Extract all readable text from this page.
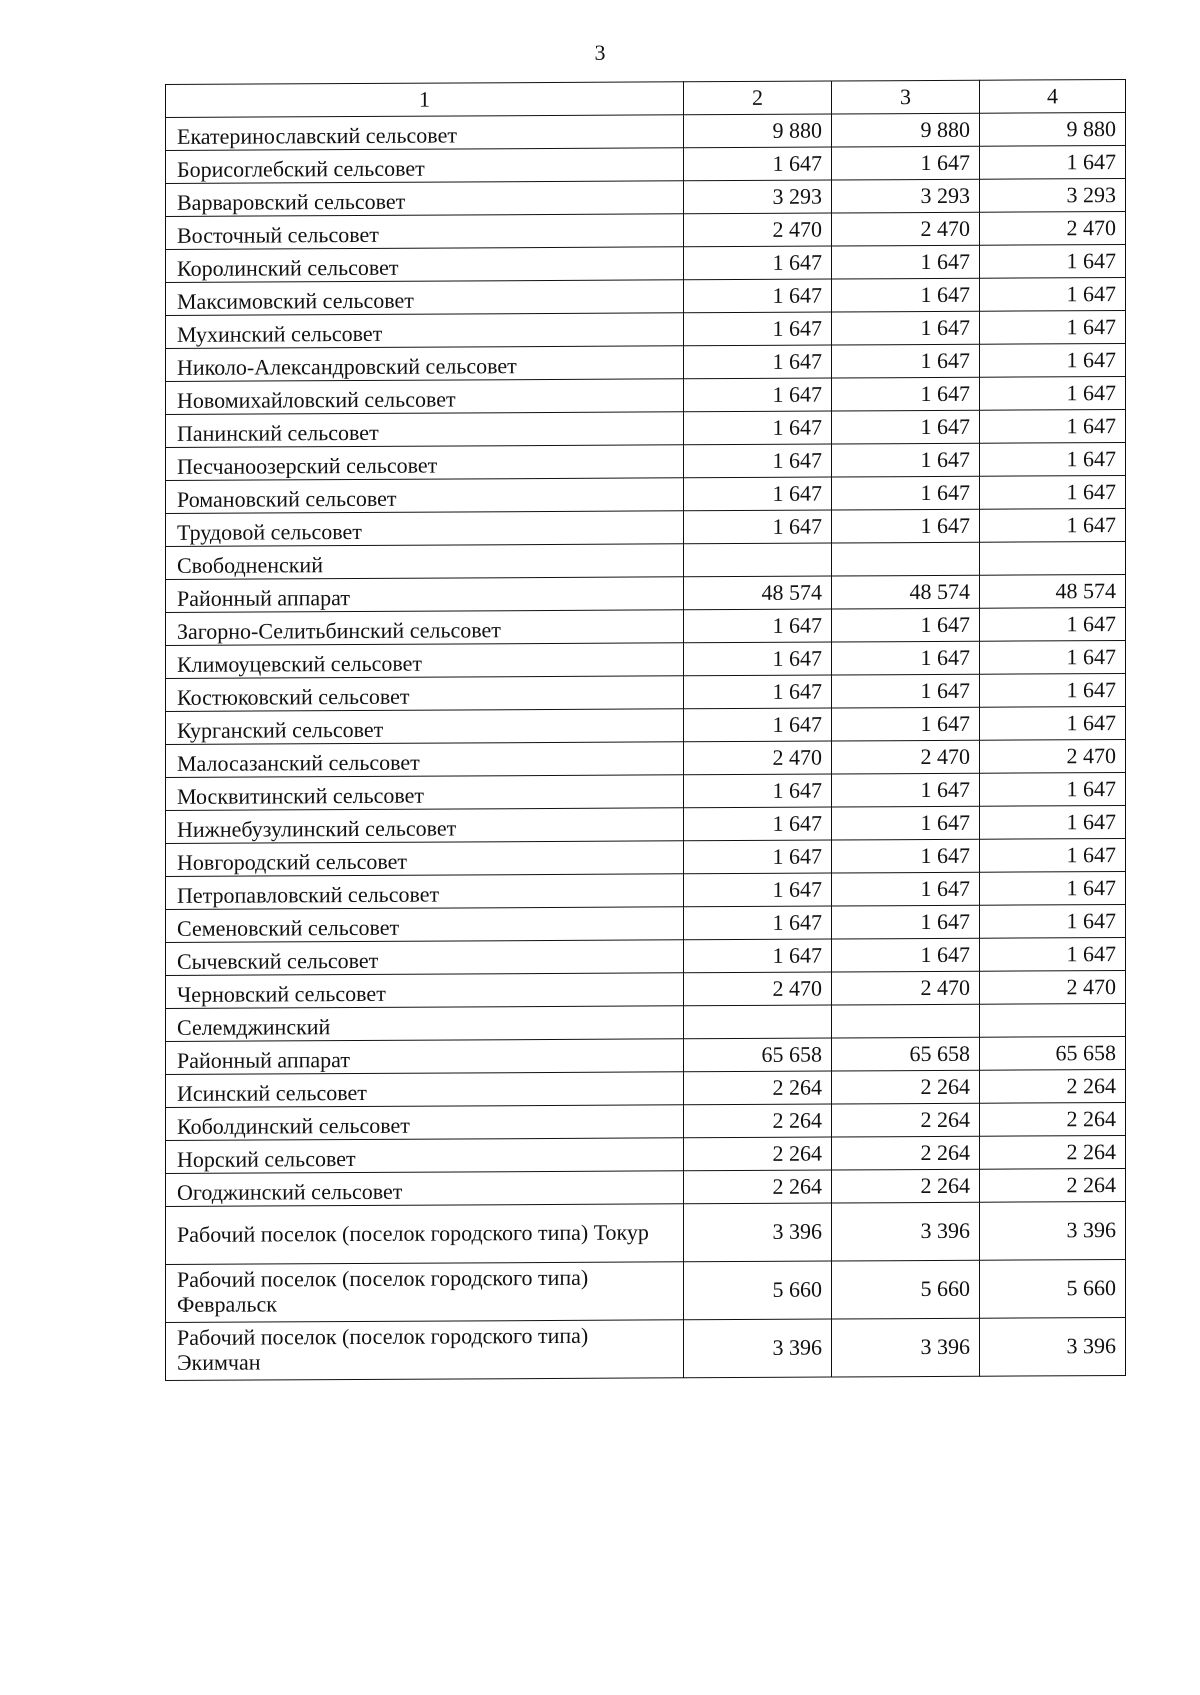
3
1	2	3	4
Екатеринославский сельсовет	9 880	9 880	9 880
Борисоглебский сельсовет	1 647	1 647	1 647
Варваровский сельсовет	3 293	3 293	3 293
Восточный сельсовет	2 470	2 470	2 470
Королинский сельсовет	1 647	1 647	1 647
Максимовский сельсовет	1 647	1 647	1 647
Мухинский сельсовет	1 647	1 647	1 647
Николо-Александровский сельсовет	1 647	1 647	1 647
Новомихайловский сельсовет	1 647	1 647	1 647
Панинский сельсовет	1 647	1 647	1 647
Песчаноозерский сельсовет	1 647	1 647	1 647
Романовский сельсовет	1 647	1 647	1 647
Трудовой сельсовет	1 647	1 647	1 647
Свободненский			
Районный аппарат	48 574	48 574	48 574
Загорно-Селитьбинский сельсовет	1 647	1 647	1 647
Климоуцевский сельсовет	1 647	1 647	1 647
Костюковский сельсовет	1 647	1 647	1 647
Курганский сельсовет	1 647	1 647	1 647
Малосазанский сельсовет	2 470	2 470	2 470
Москвитинский сельсовет	1 647	1 647	1 647
Нижнебузулинский сельсовет	1 647	1 647	1 647
Новгородский сельсовет	1 647	1 647	1 647
Петропавловский сельсовет	1 647	1 647	1 647
Семеновский сельсовет	1 647	1 647	1 647
Сычевский сельсовет	1 647	1 647	1 647
Черновский сельсовет	2 470	2 470	2 470
Селемджинский			
Районный аппарат	65 658	65 658	65 658
Исинский сельсовет	2 264	2 264	2 264
Коболдинский сельсовет	2 264	2 264	2 264
Норский сельсовет	2 264	2 264	2 264
Огоджинский сельсовет	2 264	2 264	2 264
Рабочий поселок (поселок городского типа) Токур	3 396	3 396	3 396
Рабочий поселок (поселок городского типа) Февральск	5 660	5 660	5 660
Рабочий поселок (поселок городского типа) Экимчан	3 396	3 396	3 396
